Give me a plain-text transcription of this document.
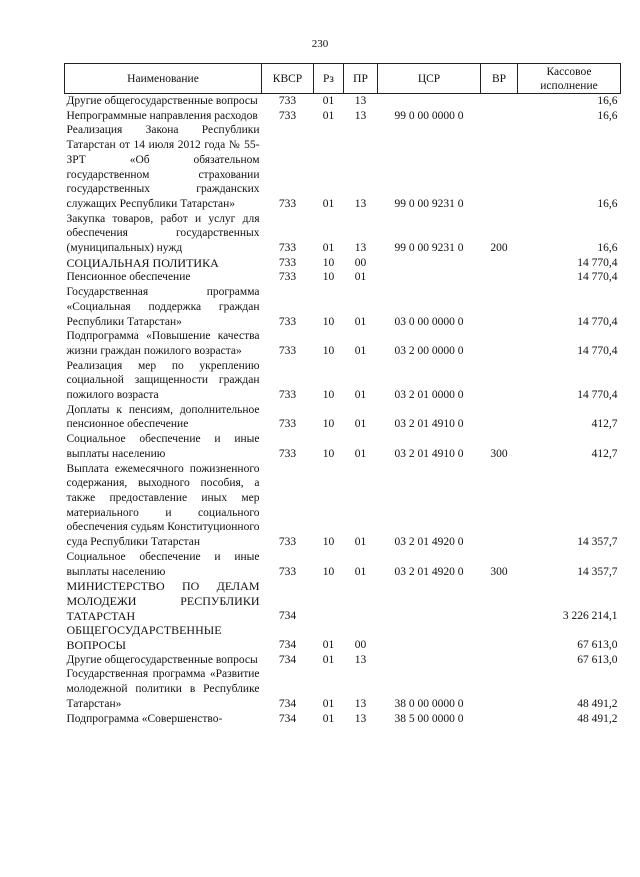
230
Наименование	КВСР	Рз	ПР	ЦСР	ВР	Кассовое исполнение
Другие общегосударственные вопросы	733	01	13			16,6
Непрограммные направления расходов	733	01	13	99 0 00 0000 0		16,6
Реализация Закона Республики Татарстан от 14 июля 2012 года № 55-ЗРТ «Об обязательном государственном страховании государственных гражданских служащих Республики Татарстан»	733	01	13	99 0 00 9231 0		16,6
Закупка товаров, работ и услуг для обеспечения государственных (муниципальных) нужд	733	01	13	99 0 00 9231 0	200	16,6
СОЦИАЛЬНАЯ ПОЛИТИКА	733	10	00			14 770,4
Пенсионное обеспечение	733	10	01			14 770,4
Государственная программа «Социальная поддержка граждан Республики Татарстан»	733	10	01	03 0 00 0000 0		14 770,4
Подпрограмма «Повышение качества жизни граждан пожилого возраста»	733	10	01	03 2 00 0000 0		14 770,4
Реализация мер по укреплению социальной защищенности граждан пожилого возраста	733	10	01	03 2 01 0000 0		14 770,4
Доплаты к пенсиям, дополнительное пенсионное обеспечение	733	10	01	03 2 01 4910 0		412,7
Социальное обеспечение и иные выплаты населению	733	10	01	03 2 01 4910 0	300	412,7
Выплата ежемесячного пожизненного содержания, выходного пособия, а также предоставление иных мер материального и социального обеспечения судьям Конституционного суда Республики Татарстан	733	10	01	03 2 01 4920 0		14 357,7
Социальное обеспечение и иные выплаты населению	733	10	01	03 2 01 4920 0	300	14 357,7
МИНИСТЕРСТВО ПО ДЕЛАМ МОЛОДЕЖИ РЕСПУБЛИКИ ТАТАРСТАН	734					3 226 214,1
ОБЩЕГОСУДАРСТВЕННЫЕ ВОПРОСЫ	734	01	00			67 613,0
Другие общегосударственные вопросы	734	01	13			67 613,0
Государственная программа «Развитие молодежной политики в Республике Татарстан»	734	01	13	38 0 00 0000 0		48 491,2
Подпрограмма «Совершенство-	734	01	13	38 5 00 0000 0		48 491,2
